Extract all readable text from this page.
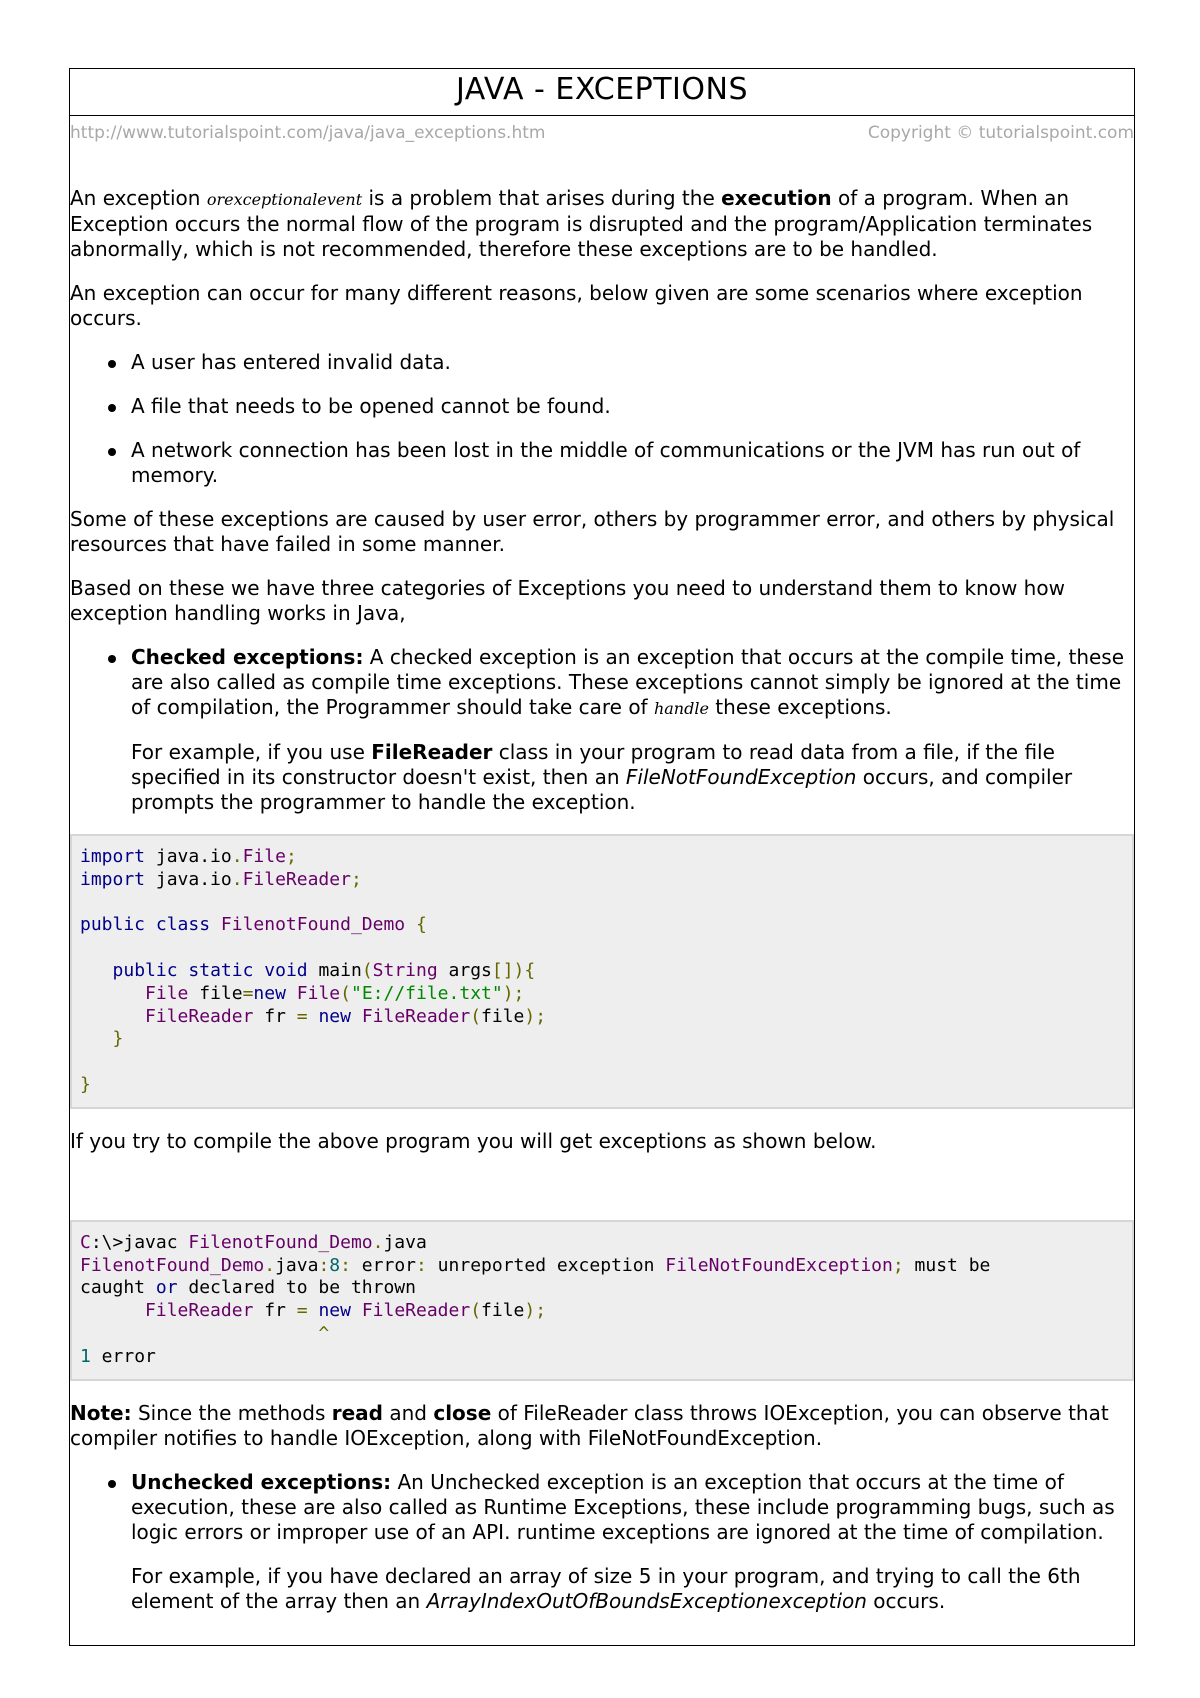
JAVA - EXCEPTIONS
http://www.tutorialspoint.com/java/java_exceptions.htm	Copyright © tutorialspoint.com

An exception orexceptionalevent is a problem that arises during the execution of a program. When an Exception occurs the normal flow of the program is disrupted and the program/Application terminates abnormally, which is not recommended, therefore these exceptions are to be handled.

An exception can occur for many different reasons, below given are some scenarios where exception occurs.

A user has entered invalid data.
A file that needs to be opened cannot be found.
A network connection has been lost in the middle of communications or the JVM has run out of memory.

Some of these exceptions are caused by user error, others by programmer error, and others by physical resources that have failed in some manner.

Based on these we have three categories of Exceptions you need to understand them to know how exception handling works in Java,

Checked exceptions: A checked exception is an exception that occurs at the compile time, these are also called as compile time exceptions. These exceptions cannot simply be ignored at the time of compilation, the Programmer should take care of handle these exceptions.

For example, if you use FileReader class in your program to read data from a file, if the file specified in its constructor doesn't exist, then an FileNotFoundException occurs, and compiler prompts the programmer to handle the exception.

import java.io.File;
import java.io.FileReader;

public class FilenotFound_Demo {

public static void main(String args[]){
File file=new File("E://file.txt");
FileReader fr = new FileReader(file);
}

}

If you try to compile the above program you will get exceptions as shown below.

C:\>javac FilenotFound_Demo.java
FilenotFound_Demo.java:8: error: unreported exception FileNotFoundException; must be
caught or declared to be thrown
FileReader fr = new FileReader(file);
^
1 error

Note: Since the methods read and close of FileReader class throws IOException, you can observe that compiler notifies to handle IOException, along with FileNotFoundException.

Unchecked exceptions: An Unchecked exception is an exception that occurs at the time of execution, these are also called as Runtime Exceptions, these include programming bugs, such as logic errors or improper use of an API. runtime exceptions are ignored at the time of compilation.

For example, if you have declared an array of size 5 in your program, and trying to call the 6th element of the array then an ArrayIndexOutOfBoundsExceptionexception occurs.
